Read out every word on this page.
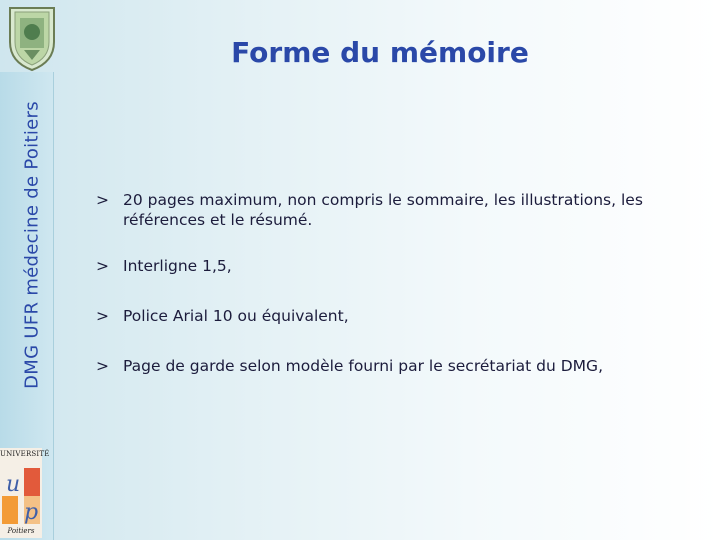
DMG UFR médecine de Poitiers
Forme du mémoire
> 20 pages maximum, non compris le sommaire, les illustrations, les références et le résumé.
> Interligne 1,5,
> Police Arial 10 ou équivalent,
> Page de garde selon modèle fourni par le secrétariat du DMG,
UNIVERSITÉ
u
p
Poitiers
